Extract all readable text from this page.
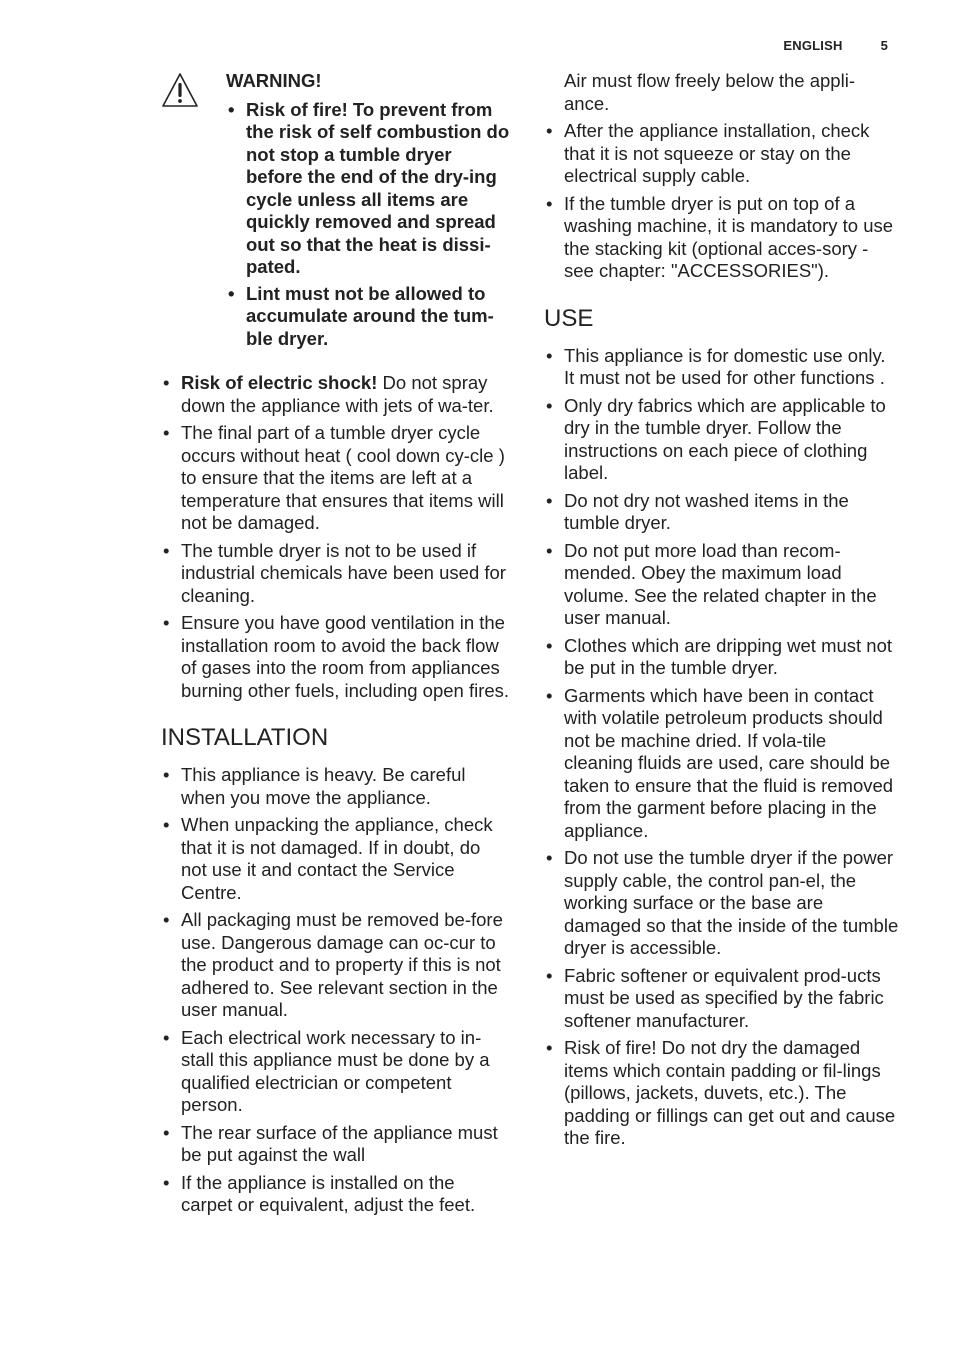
ENGLISH	5
WARNING!
• Risk of fire! To prevent from the risk of self combustion do not stop a tumble dryer before the end of the dry-ing cycle unless all items are quickly removed and spread out so that the heat is dissi-pated.
• Lint must not be allowed to accumulate around the tum-ble dryer.
• Risk of electric shock! Do not spray down the appliance with jets of wa-ter.
• The final part of a tumble dryer cycle occurs without heat ( cool down cy-cle ) to ensure that the items are left at a temperature that ensures that items will not be damaged.
• The tumble dryer is not to be used if industrial chemicals have been used for cleaning.
• Ensure you have good ventilation in the installation room to avoid the back flow of gases into the room from appliances burning other fuels, including open fires.
INSTALLATION
• This appliance is heavy. Be careful when you move the appliance.
• When unpacking the appliance, check that it is not damaged. If in doubt, do not use it and contact the Service Centre.
• All packaging must be removed be-fore use. Dangerous damage can oc-cur to the product and to property if this is not adhered to. See relevant section in the user manual.
• Each electrical work necessary to in-stall this appliance must be done by a qualified electrician or competent person.
• The rear surface of the appliance must be put against the wall
• If the appliance is installed on the carpet or equivalent, adjust the feet.
Air must flow freely below the appli-ance.
• After the appliance installation, check that it is not squeeze or stay on the electrical supply cable.
• If the tumble dryer is put on top of a washing machine, it is mandatory to use the stacking kit (optional acces-sory - see chapter: "ACCESSORIES").
USE
• This appliance is for domestic use only. It must not be used for other functions .
• Only dry fabrics which are applicable to dry in the tumble dryer. Follow the instructions on each piece of clothing label.
• Do not dry not washed items in the tumble dryer.
• Do not put more load than recom-mended. Obey the maximum load volume. See the related chapter in the user manual.
• Clothes which are dripping wet must not be put in the tumble dryer.
• Garments which have been in contact with volatile petroleum products should not be machine dried. If vola-tile cleaning fluids are used, care should be taken to ensure that the fluid is removed from the garment before placing in the appliance.
• Do not use the tumble dryer if the power supply cable, the control pan-el, the working surface or the base are damaged so that the inside of the tumble dryer is accessible.
• Fabric softener or equivalent prod-ucts must be used as specified by the fabric softener manufacturer.
• Risk of fire! Do not dry the damaged items which contain padding or fil-lings (pillows, jackets, duvets, etc.). The padding or fillings can get out and cause the fire.
